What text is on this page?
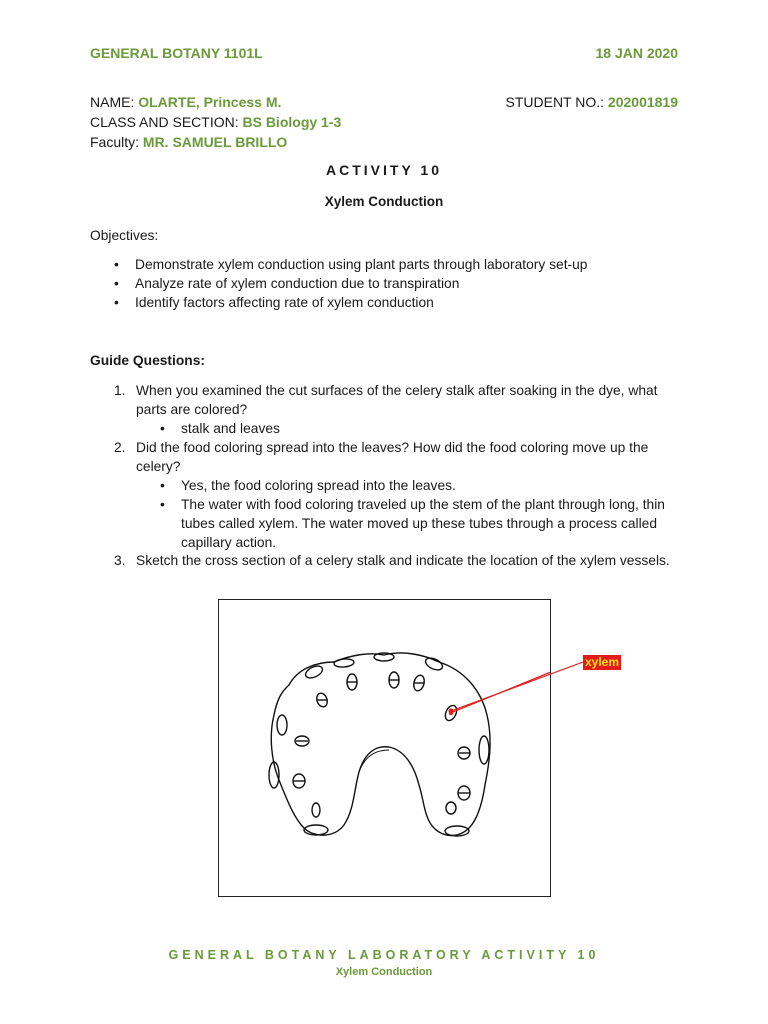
GENERAL BOTANY 1101L	18 JAN 2020
NAME: OLARTE, Princess M.	STUDENT NO.: 202001819
CLASS AND SECTION: BS Biology 1-3
Faculty: MR. SAMUEL BRILLO
ACTIVITY 10
Xylem Conduction
Objectives:
• Demonstrate xylem conduction using plant parts through laboratory set-up
• Analyze rate of xylem conduction due to transpiration
• Identify factors affecting rate of xylem conduction
Guide Questions:
1. When you examined the cut surfaces of the celery stalk after soaking in the dye, what
parts are colored?
• stalk and leaves
2. Did the food coloring spread into the leaves? How did the food coloring move up the
celery?
• Yes, the food coloring spread into the leaves.
• The water with food coloring traveled up the stem of the plant through long, thin
tubes called xylem. The water moved up these tubes through a process called
capillary action.
3. Sketch the cross section of a celery stalk and indicate the location of the xylem vessels.
xylem
GENERAL BOTANY LABORATORY ACTIVITY 10
Xylem Conduction
